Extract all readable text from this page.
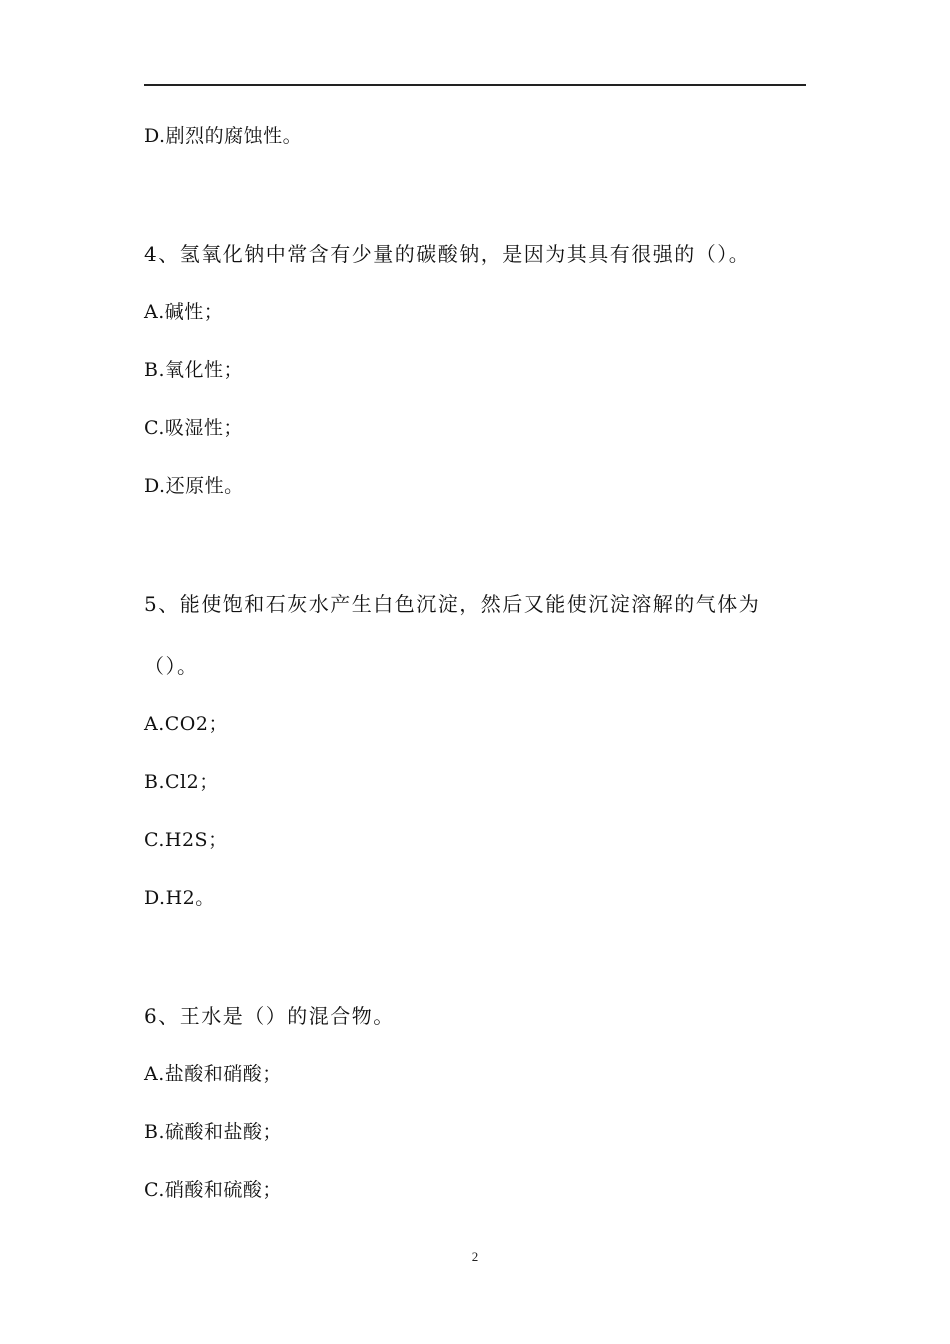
D.剧烈的腐蚀性。
4、氢氧化钠中常含有少量的碳酸钠，是因为其具有很强的（）。
A.碱性；
B.氧化性；
C.吸湿性；
D.还原性。
5、能使饱和石灰水产生白色沉淀，然后又能使沉淀溶解的气体为
（）。
A.CO2；
B.Cl2；
C.H2S；
D.H2。
6、王水是（）的混合物。
A.盐酸和硝酸；
B.硫酸和盐酸；
C.硝酸和硫酸；
2
